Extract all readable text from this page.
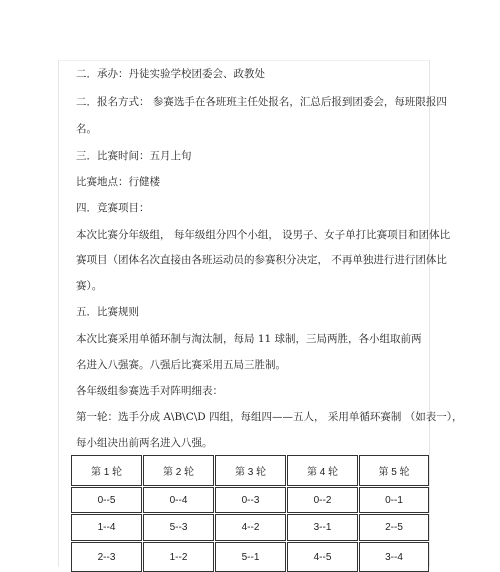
二．承办：丹徒实验学校团委会、政教处
二．报名方式： 参赛选手在各班班主任处报名，汇总后报到团委会，每班限报四
名。
三．比赛时间：五月上旬
比赛地点：行健楼
四．竞赛项目：
本次比赛分年级组， 每年级组分四个小组， 设男子、女子单打比赛项目和团体比
赛项目（团体名次直接由各班运动员的参赛积分决定， 不再单独进行进行团体比
赛）。
五．比赛规则
本次比赛采用单循环制与淘汰制，每局 11 球制，三局两胜，各小组取前两
名进入八强赛。八强后比赛采用五局三胜制。
各年级组参赛选手对阵明细表：
第一轮：选手分成 A\B\C\D 四组，每组四——五人， 采用单循环赛制 （如表一），
每小组决出前两名进入八强。
第 1 轮	第 2 轮	第 3 轮	第 4 轮	第 5 轮
0--5	0--4	0--3	0--2	0--1
1--4	5--3	4--2	3--1	2--5
2--3	1--2	5--1	4--5	3--4
